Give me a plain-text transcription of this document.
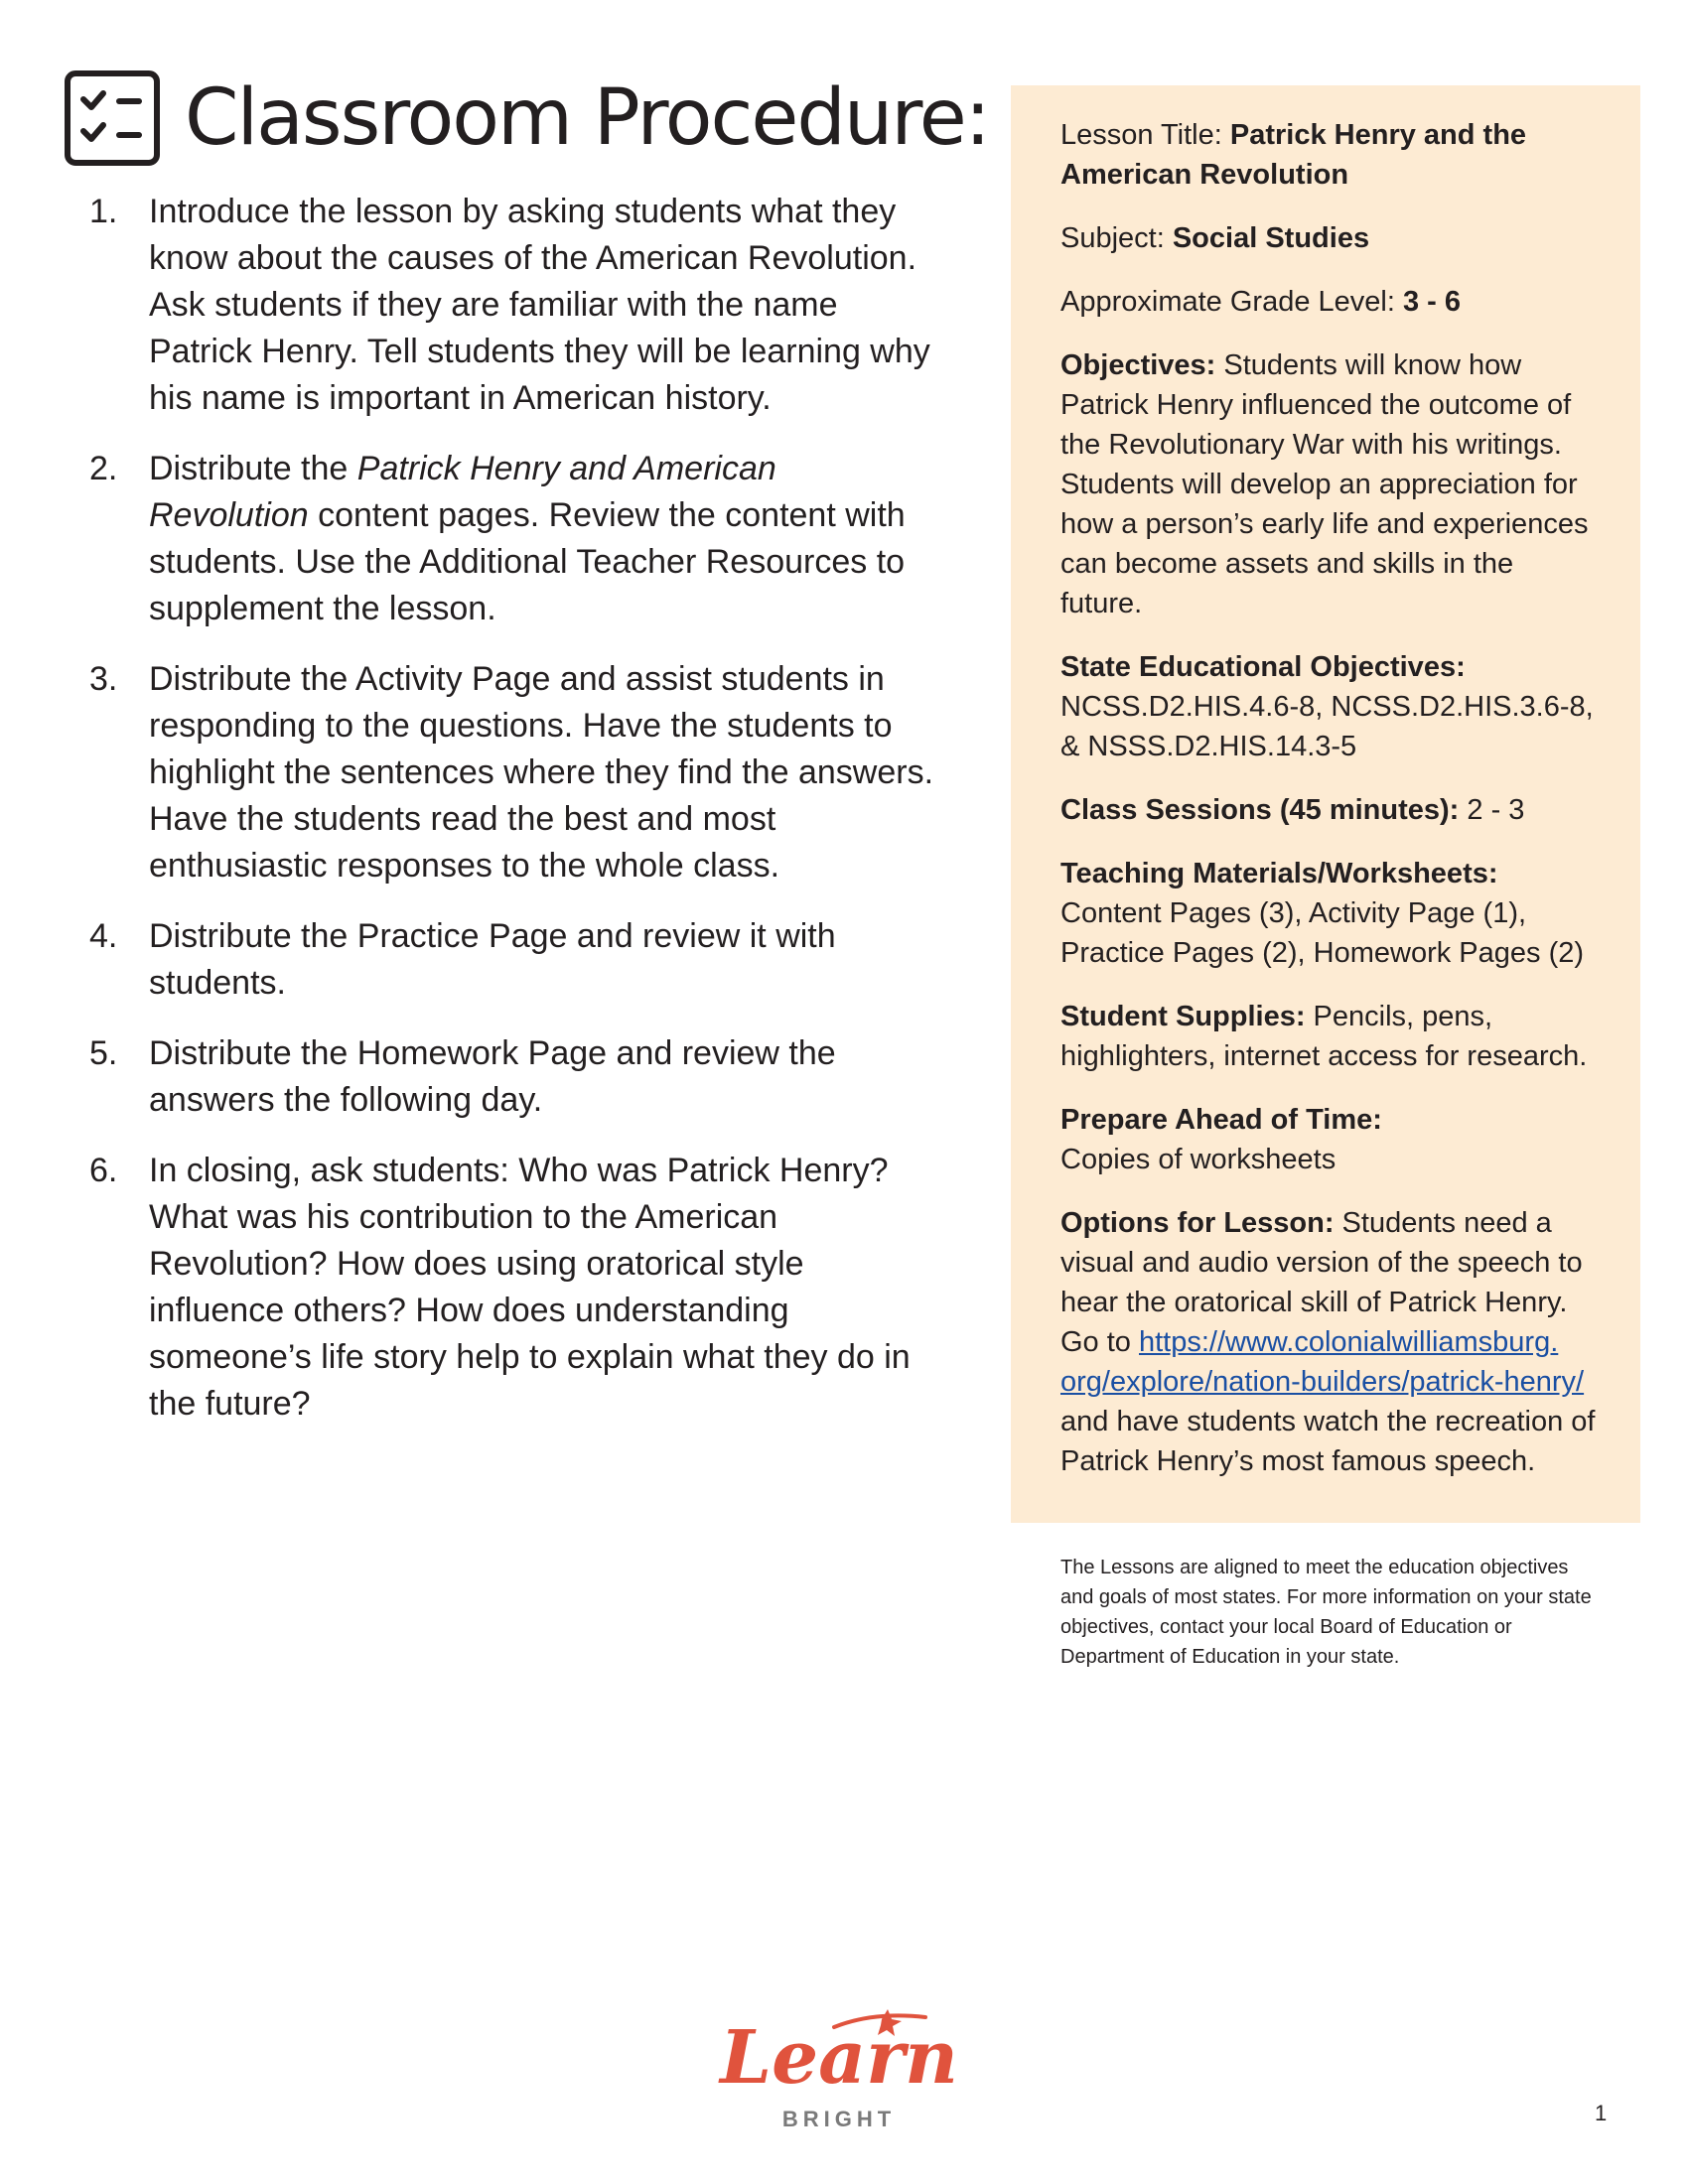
Classroom Procedure:
1. Introduce the lesson by asking students what they know about the causes of the American Revolution. Ask students if they are familiar with the name Patrick Henry. Tell students they will be learning why his name is important in American history.
2. Distribute the Patrick Henry and American Revolution content pages. Review the content with students. Use the Additional Teacher Resources to supplement the lesson.
3. Distribute the Activity Page and assist students in responding to the questions. Have the students to highlight the sentences where they find the answers. Have the students read the best and most enthusiastic responses to the whole class.
4. Distribute the Practice Page and review it with students.
5. Distribute the Homework Page and review the answers the following day.
6. In closing, ask students: Who was Patrick Henry? What was his contribution to the American Revolution? How does using oratorical style influence others? How does understanding someone’s life story help to explain what they do in the future?

Lesson Title: Patrick Henry and the American Revolution

Subject: Social Studies

Approximate Grade Level: 3 - 6

Objectives: Students will know how Patrick Henry influenced the outcome of the Revolutionary War with his writings. Students will develop an appreciation for how a person’s early life and experiences can become assets and skills in the future.

State Educational Objectives:
NCSS.D2.HIS.4.6-8, NCSS.D2.HIS.3.6-8, & NSSS.D2.HIS.14.3-5

Class Sessions (45 minutes): 2 - 3

Teaching Materials/Worksheets:
Content Pages (3), Activity Page (1), Practice Pages (2), Homework Pages (2)

Student Supplies: Pencils, pens, highlighters, internet access for research.

Prepare Ahead of Time:
Copies of worksheets

Options for Lesson: Students need a visual and audio version of the speech to hear the oratorical skill of Patrick Henry. Go to https://www.colonialwilliamsburg.org/explore/nation-builders/patrick-henry/ and have students watch the recreation of Patrick Henry’s most famous speech.

The Lessons are aligned to meet the education objectives and goals of most states. For more information on your state objectives, contact your local Board of Education or Department of Education in your state.

Learn
BRIGHT	1
